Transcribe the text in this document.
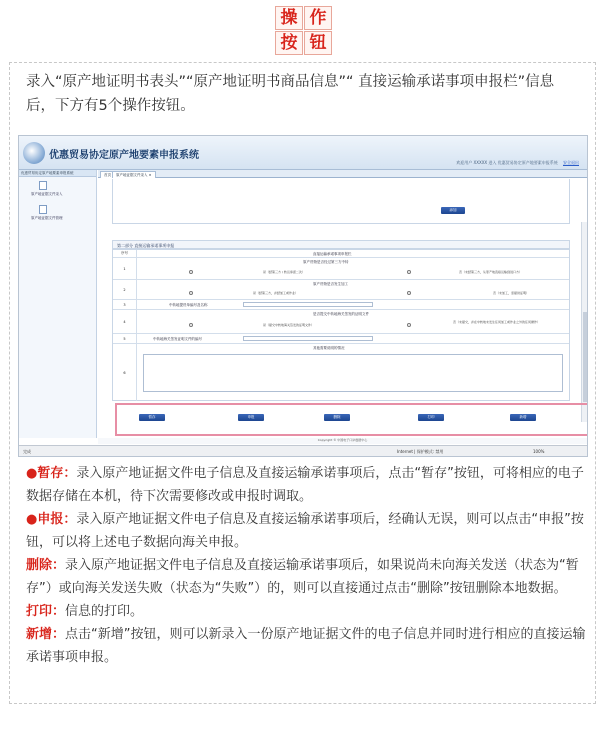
操 作
按 钮
录入“原产地证明书表头”“原产地证明书商品信息”“ 直接运输承诺事项申报栏”信息后，下方有5个操作按钮。
优惠贸易协定原产地要素申报系统
欢迎用户 XXXXX 进入 优惠贸易协定原产地要素申报系统 安全退出
优惠贸易协定原产地要素申报系统
原产地证据文件录入
原产地证据文件管理
首页	原产地证据文件录入 ×
添加
第二部分 直接运输承诺事项申报
序号	直接运输承诺事项申报栏
1
原产货物是否经过第三方中转
是（经第三方 / 转运承诺二次）	否（未经第三方，从原产地直接运输到进口方）
2
原产货物是否发生加工
是（经第三方，并经加工或作业）	否（未加工，需提供证明）
3	中转地提货单编号及名称
4
是否提交中转地海关签发的证明文件
是（提交中转地海关签发的证明文件）
否（未提交，并在中转地未发生任何加工或作业之外的任何操作）
5	中转地海关签发证明文件的编号
6
其他需要说明的情况
暂存	申报	删除	打印	新增
Copyright © 中国电子口岸数据中心
完成	Internet | 保护模式: 禁用	100%

●暂存：录入原产地证据文件电子信息及直接运输承诺事项后，点击“暂存”按钮，可将相应的电子数据存储在本机，待下次需要修改或申报时调取。

●申报：录入原产地证据文件电子信息及直接运输承诺事项后，经确认无误，则可以点击“申报”按钮，可以将上述电子数据向海关申报。

删除：录入原产地证据文件电子信息及直接运输承诺事项后，如果说尚未向海关发送（状态为“暂存”）或向海关发送失败（状态为“失败”）的，则可以直接通过点击“删除”按钮删除本地数据。

打印：信息的打印。

新增：点击“新增”按钮，则可以新录入一份原产地证据文件的电子信息并同时进行相应的直接运输承诺事项申报。
